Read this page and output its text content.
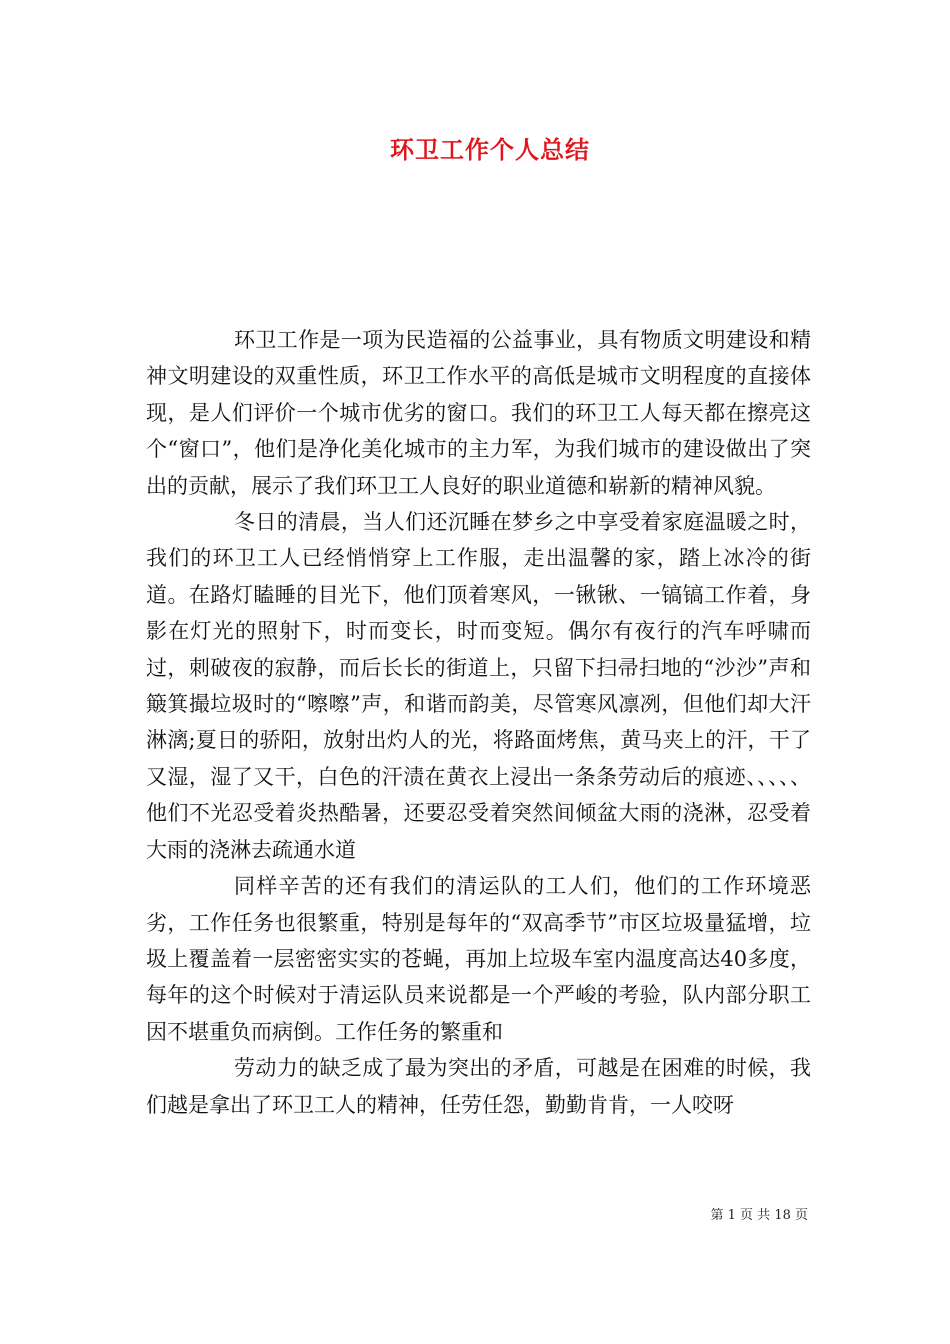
环卫工作个人总结

环卫工作是一项为民造福的公益事业，具有物质文明建设和精神文明建设的双重性质，环卫工作水平的高低是城市文明程度的直接体现，是人们评价一个城市优劣的窗口。我们的环卫工人每天都在擦亮这个“窗口”，他们是净化美化城市的主力军，为我们城市的建设做出了突出的贡献，展示了我们环卫工人良好的职业道德和崭新的精神风貌。

冬日的清晨，当人们还沉睡在梦乡之中享受着家庭温暖之时，我们的环卫工人已经悄悄穿上工作服，走出温馨的家，踏上冰冷的街道。在路灯瞌睡的目光下，他们顶着寒风，一锹锹、一镐镐工作着，身影在灯光的照射下，时而变长，时而变短。偶尔有夜行的汽车呼啸而过，刺破夜的寂静，而后长长的街道上，只留下扫帚扫地的“沙沙”声和簸箕撮垃圾时的“嚓嚓”声，和谐而韵美，尽管寒风凛冽，但他们却大汗淋漓;夏日的骄阳，放射出灼人的光，将路面烤焦，黄马夹上的汗，干了又湿，湿了又干，白色的汗渍在黄衣上浸出一条条劳动后的痕迹、、、、、他们不光忍受着炎热酷暑，还要忍受着突然间倾盆大雨的浇淋，忍受着大雨的浇淋去疏通水道

同样辛苦的还有我们的清运队的工人们，他们的工作环境恶劣，工作任务也很繁重，特别是每年的“双高季节”市区垃圾量猛增，垃圾上覆盖着一层密密实实的苍蝇，再加上垃圾车室内温度高达40多度，每年的这个时候对于清运队员来说都是一个严峻的考验，队内部分职工因不堪重负而病倒。工作任务的繁重和

劳动力的缺乏成了最为突出的矛盾，可越是在困难的时候，我们越是拿出了环卫工人的精神，任劳任怨，勤勤肯肯，一人咬呀

第 1 页 共 18 页
